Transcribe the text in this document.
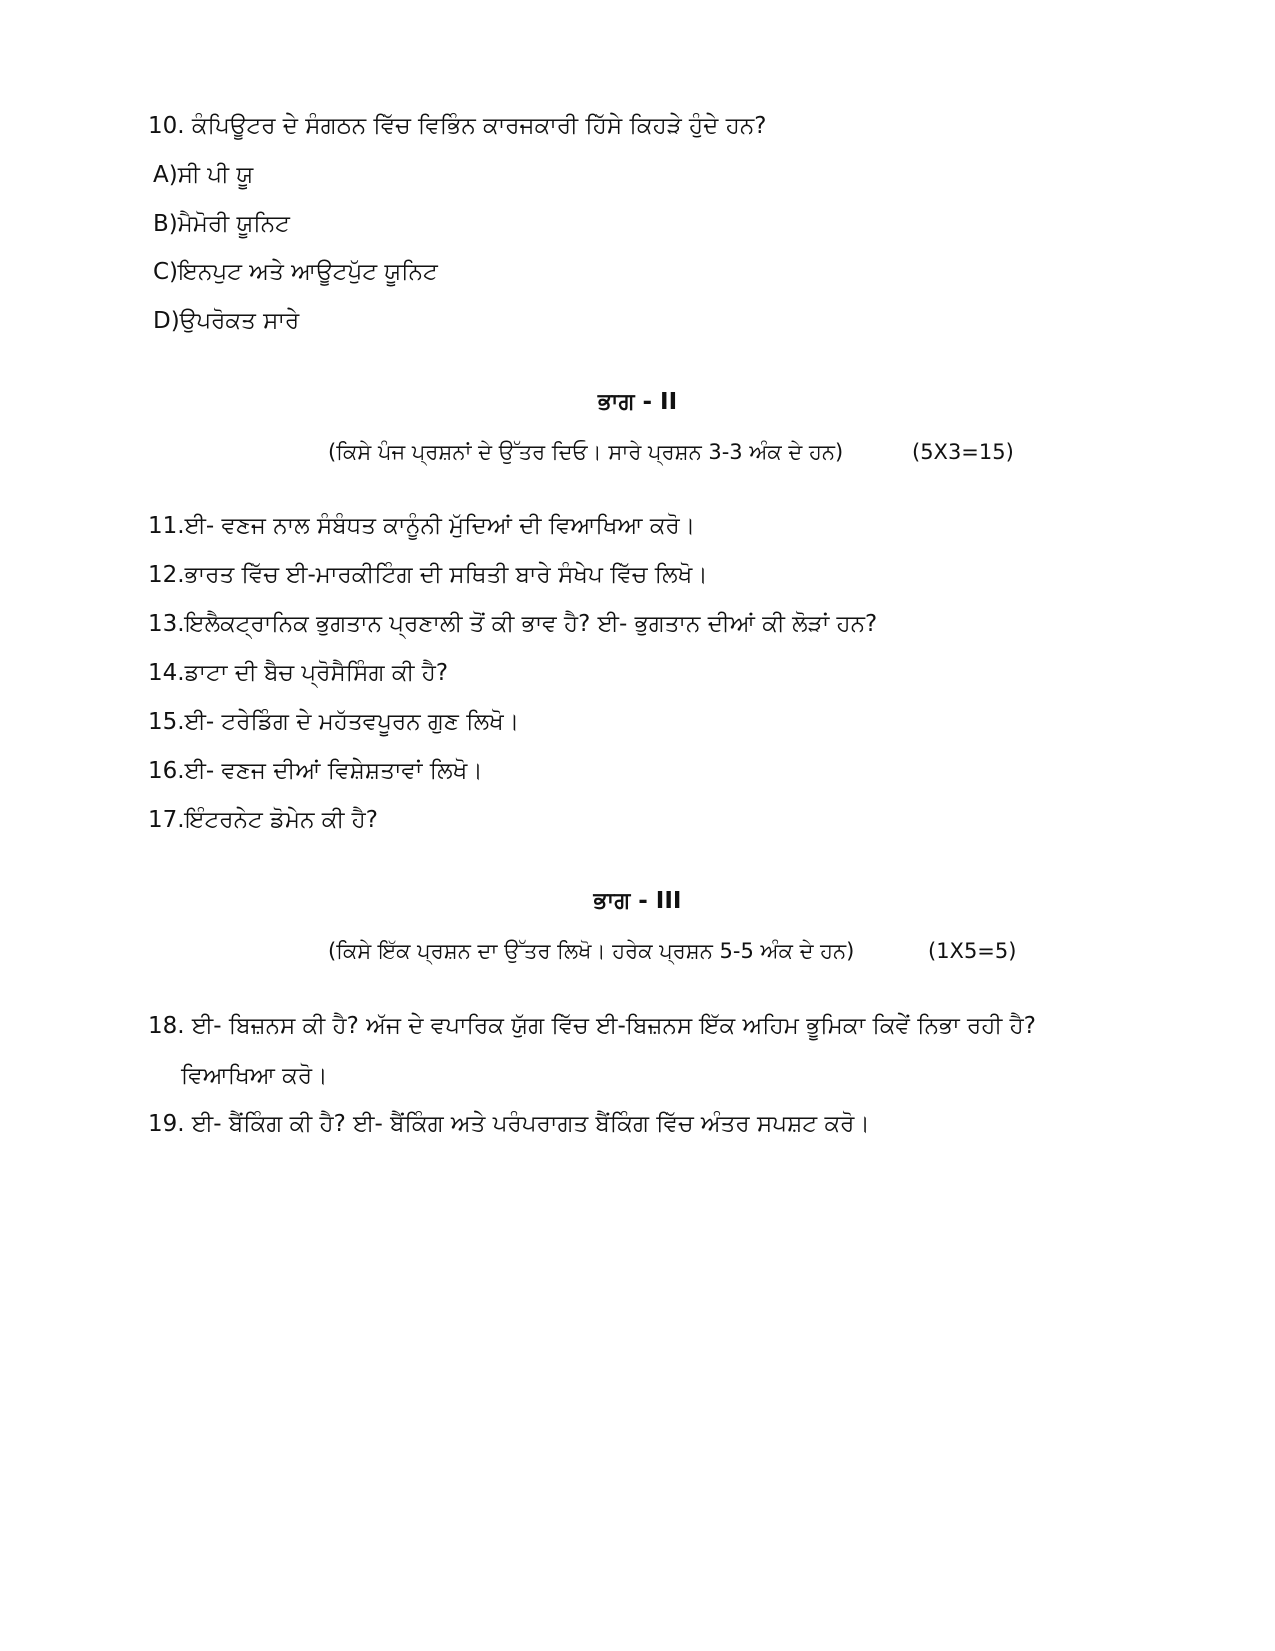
10. ਕੰਪਿਊਟਰ ਦੇ ਸੰਗਠਨ ਵਿੱਚ ਵਿਭਿੰਨ ਕਾਰਜਕਾਰੀ ਹਿੱਸੇ ਕਿਹੜੇ ਹੁੰਦੇ ਹਨ?
A)ਸੀ ਪੀ ਯੂ
B)ਮੈਮੋਰੀ ਯੂਨਿਟ
C)ਇਨਪੁਟ ਅਤੇ ਆਊਟਪੁੱਟ ਯੂਨਿਟ
D)ਉਪਰੋਕਤ ਸਾਰੇ
ਭਾਗ - II
(ਕਿਸੇ ਪੰਜ ਪ੍ਰਸ਼ਨਾਂ ਦੇ ਉੱਤਰ ਦਿਓ। ਸਾਰੇ ਪ੍ਰਸ਼ਨ 3-3 ਅੰਕ ਦੇ ਹਨ)	(5X3=15)
11.ਈ- ਵਣਜ ਨਾਲ ਸੰਬੰਧਤ ਕਾਨੂੰਨੀ ਮੁੱਦਿਆਂ ਦੀ ਵਿਆਖਿਆ ਕਰੋ।
12.ਭਾਰਤ ਵਿੱਚ ਈ-ਮਾਰਕੀਟਿੰਗ ਦੀ ਸਥਿਤੀ ਬਾਰੇ ਸੰਖੇਪ ਵਿੱਚ ਲਿਖੋ।
13.ਇਲੈਕਟ੍ਰਾਨਿਕ ਭੁਗਤਾਨ ਪ੍ਰਣਾਲੀ ਤੋਂ ਕੀ ਭਾਵ ਹੈ? ਈ- ਭੁਗਤਾਨ ਦੀਆਂ ਕੀ ਲੋੜਾਂ ਹਨ?
14.ਡਾਟਾ ਦੀ ਬੈਚ ਪ੍ਰੋਸੈਸਿੰਗ ਕੀ ਹੈ?
15.ਈ- ਟਰੇਡਿੰਗ ਦੇ ਮਹੱਤਵਪੂਰਨ ਗੁਣ ਲਿਖੋ।
16.ਈ- ਵਣਜ ਦੀਆਂ ਵਿਸ਼ੇਸ਼ਤਾਵਾਂ ਲਿਖੋ।
17.ਇੰਟਰਨੇਟ ਡੋਮੇਨ ਕੀ ਹੈ?
ਭਾਗ - III
(ਕਿਸੇ ਇੱਕ ਪ੍ਰਸ਼ਨ ਦਾ ਉੱਤਰ ਲਿਖੋ। ਹਰੇਕ ਪ੍ਰਸ਼ਨ 5-5 ਅੰਕ ਦੇ ਹਨ)	(1X5=5)
18. ਈ- ਬਿਜ਼ਨਸ ਕੀ ਹੈ? ਅੱਜ ਦੇ ਵਪਾਰਿਕ ਯੁੱਗ ਵਿੱਚ ਈ-ਬਿਜ਼ਨਸ ਇੱਕ ਅਹਿਮ ਭੂਮਿਕਾ ਕਿਵੇਂ ਨਿਭਾ ਰਹੀ ਹੈ?
ਵਿਆਖਿਆ ਕਰੋ।
19. ਈ- ਬੈਂਕਿੰਗ ਕੀ ਹੈ? ਈ- ਬੈਂਕਿੰਗ ਅਤੇ ਪਰੰਪਰਾਗਤ ਬੈਂਕਿੰਗ ਵਿੱਚ ਅੰਤਰ ਸਪਸ਼ਟ ਕਰੋ।
